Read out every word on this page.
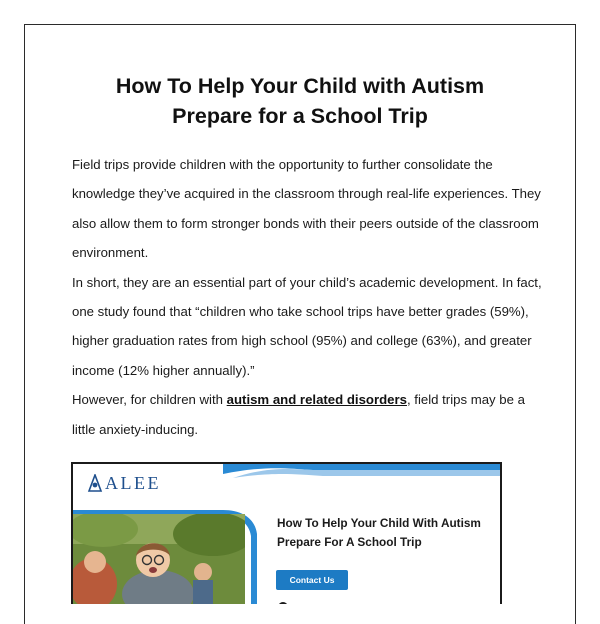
How To Help Your Child with Autism
Prepare for a School Trip

Field trips provide children with the opportunity to further consolidate the knowledge they’ve acquired in the classroom through real-life experiences. They also allow them to form stronger bonds with their peers outside of the classroom environment.

In short, they are an essential part of your child’s academic development. In fact, one study found that “children who take school trips have better grades (59%), higher graduation rates from high school (95%) and college (63%), and greater income (12% higher annually).”

However, for children with autism and related disorders, field trips may be a little anxiety-inducing.

ALEE
How To Help Your Child With Autism Prepare For A School Trip
Contact Us
